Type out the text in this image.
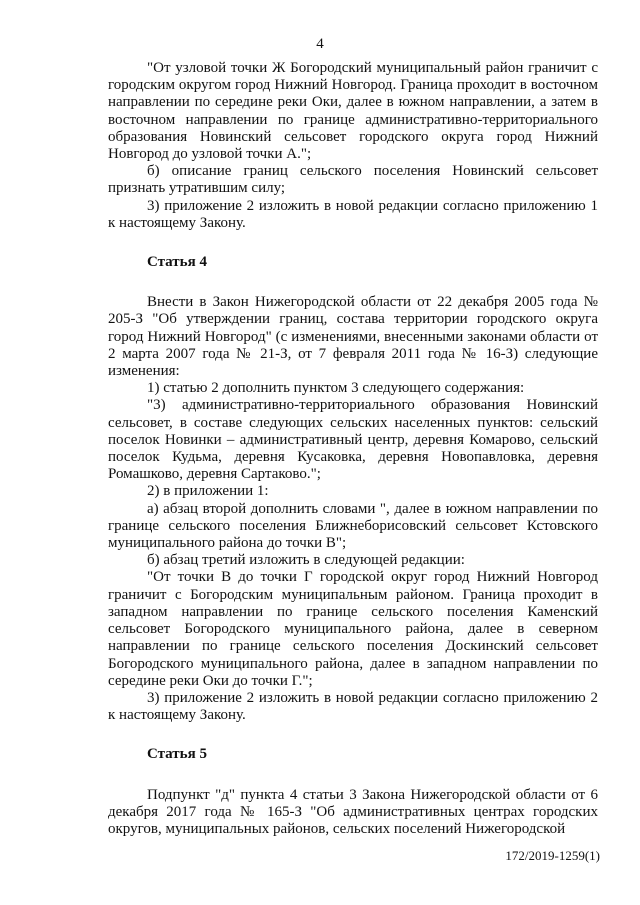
4

"От узловой точки Ж Богородский муниципальный район граничит с городским округом город Нижний Новгород. Граница проходит в восточном направлении по середине реки Оки, далее в южном направлении, а затем в восточном направлении по границе административно-территориального образования Новинский сельсовет городского округа город Нижний Новгород до узловой точки А.";

б) описание границ сельского поселения Новинский сельсовет признать утратившим силу;

3) приложение 2 изложить в новой редакции согласно приложению 1 к настоящему Закону.

Статья 4

Внести в Закон Нижегородской области от 22 декабря 2005 года № 205-З "Об утверждении границ, состава территории городского округа город Нижний Новгород" (с изменениями, внесенными законами области от 2 марта 2007 года № 21-З, от 7 февраля 2011 года № 16-З) следующие изменения:

1) статью 2 дополнить пунктом 3 следующего содержания:

"3) административно-территориального образования Новинский сельсовет, в составе следующих сельских населенных пунктов: сельский поселок Новинки – административный центр, деревня Комарово, сельский поселок Кудьма, деревня Кусаковка, деревня Новопавловка, деревня Ромашково, деревня Сартаково.";

2) в приложении 1:

а) абзац второй дополнить словами ", далее в южном направлении по границе сельского поселения Ближнеборисовский сельсовет Кстовского муниципального района до точки В";

б) абзац третий изложить в следующей редакции:

"От точки В до точки Г городской округ город Нижний Новгород граничит с Богородским муниципальным районом. Граница проходит в западном направлении по границе сельского поселения Каменский сельсовет Богородского муниципального района, далее в северном направлении по границе сельского поселения Доскинский сельсовет Богородского муниципального района, далее в западном направлении по середине реки Оки до точки Г.";

3) приложение 2 изложить в новой редакции согласно приложению 2 к настоящему Закону.

Статья 5

Подпункт "д" пункта 4 статьи 3 Закона Нижегородской области от 6 декабря 2017 года № 165-З "Об административных центрах городских округов, муниципальных районов, сельских поселений Нижегородской

172/2019-1259(1)
